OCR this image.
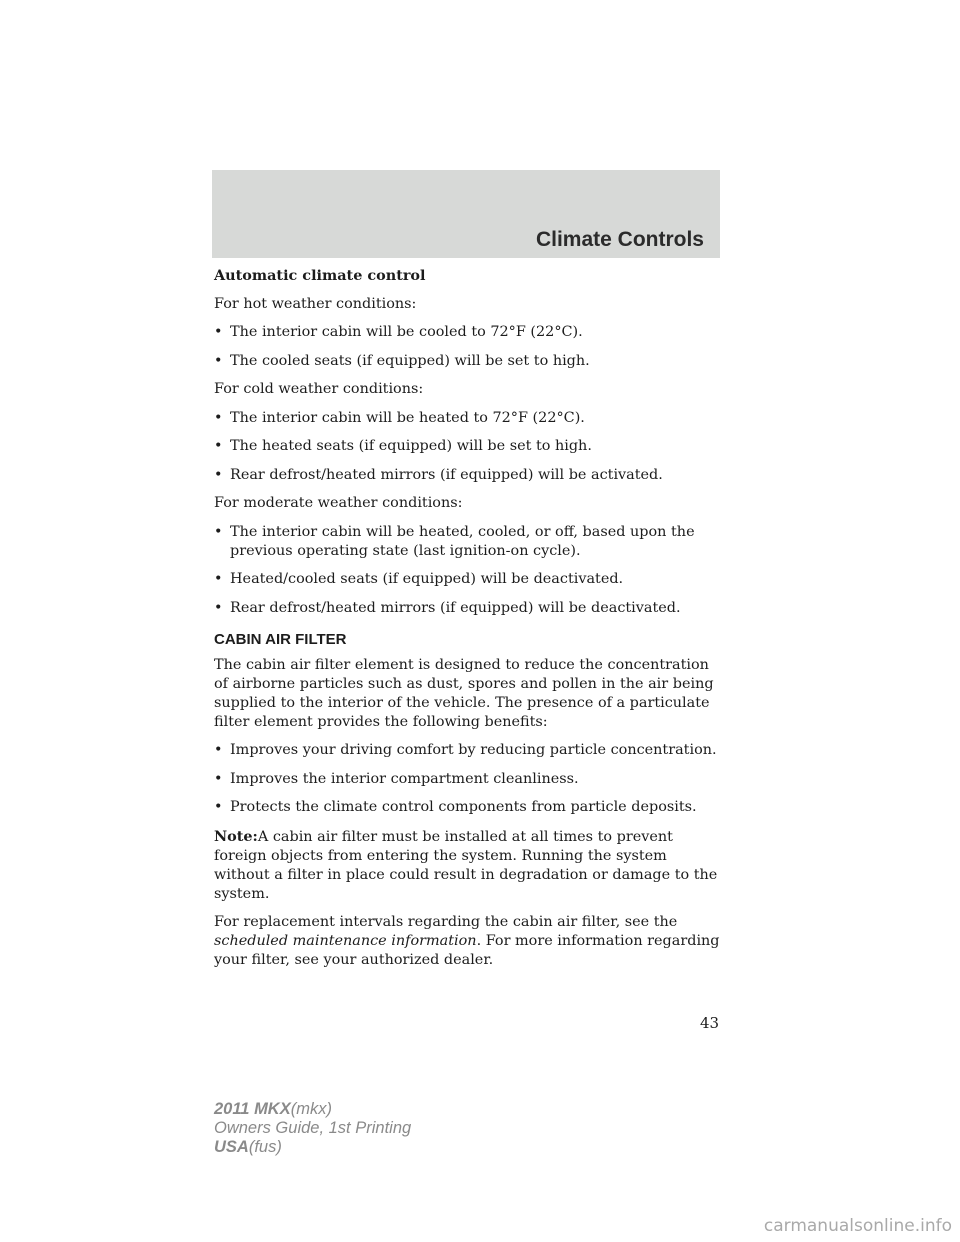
Climate Controls

Automatic climate control

For hot weather conditions:

• The interior cabin will be cooled to 72°F (22°C).
• The cooled seats (if equipped) will be set to high.

For cold weather conditions:

• The interior cabin will be heated to 72°F (22°C).
• The heated seats (if equipped) will be set to high.
• Rear defrost/heated mirrors (if equipped) will be activated.

For moderate weather conditions:

• The interior cabin will be heated, cooled, or off, based upon the previous operating state (last ignition-on cycle).
• Heated/cooled seats (if equipped) will be deactivated.
• Rear defrost/heated mirrors (if equipped) will be deactivated.
CABIN AIR FILTER

The cabin air filter element is designed to reduce the concentration of airborne particles such as dust, spores and pollen in the air being supplied to the interior of the vehicle. The presence of a particulate filter element provides the following benefits:

• Improves your driving comfort by reducing particle concentration.
• Improves the interior compartment cleanliness.
• Protects the climate control components from particle deposits.

Note:A cabin air filter must be installed at all times to prevent foreign objects from entering the system. Running the system without a filter in place could result in degradation or damage to the system.

For replacement intervals regarding the cabin air filter, see the scheduled maintenance information. For more information regarding your filter, see your authorized dealer.

43
2011 MKX(mkx)
Owners Guide, 1st Printing
USA(fus)
carmanualsonline.info
